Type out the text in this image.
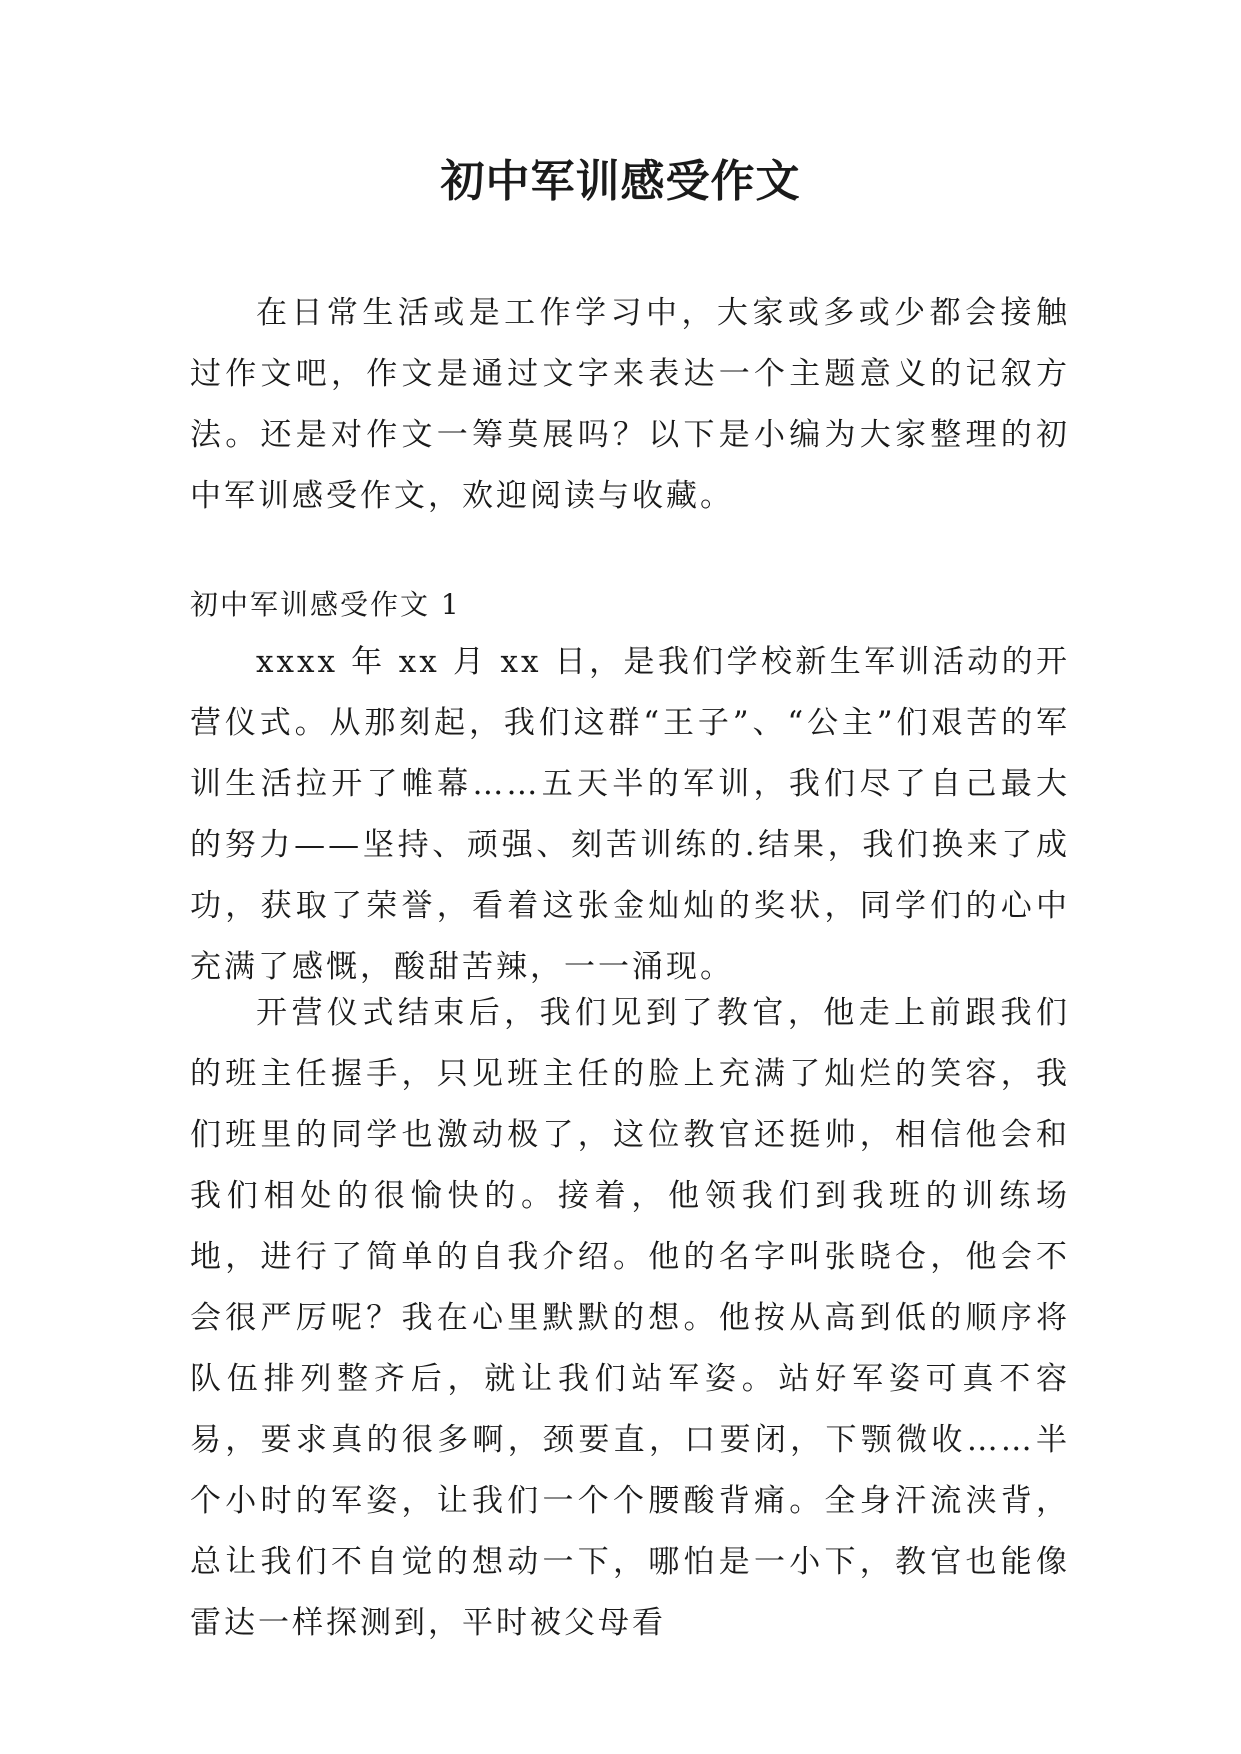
初中军训感受作文

在日常生活或是工作学习中，大家或多或少都会接触过作文吧，作文是通过文字来表达一个主题意义的记叙方法。还是对作文一筹莫展吗？以下是小编为大家整理的初中军训感受作文，欢迎阅读与收藏。

初中军训感受作文 1

xxxx 年 xx 月 xx 日，是我们学校新生军训活动的开营仪式。从那刻起，我们这群“王子”、“公主”们艰苦的军训生活拉开了帷幕……五天半的军训，我们尽了自己最大的努力——坚持、顽强、刻苦训练的.结果，我们换来了成功，获取了荣誉，看着这张金灿灿的奖状，同学们的心中充满了感慨，酸甜苦辣，一一涌现。

开营仪式结束后，我们见到了教官，他走上前跟我们的班主任握手，只见班主任的脸上充满了灿烂的笑容，我们班里的同学也激动极了，这位教官还挺帅，相信他会和我们相处的很愉快的。接着，他领我们到我班的训练场地，进行了简单的自我介绍。他的名字叫张晓仓，他会不会很严厉呢？我在心里默默的想。他按从高到低的顺序将队伍排列整齐后，就让我们站军姿。站好军姿可真不容易，要求真的很多啊，颈要直，口要闭，下颚微收……半个小时的军姿，让我们一个个腰酸背痛。全身汗流浃背，总让我们不自觉的想动一下，哪怕是一小下，教官也能像雷达一样探测到，平时被父母看
